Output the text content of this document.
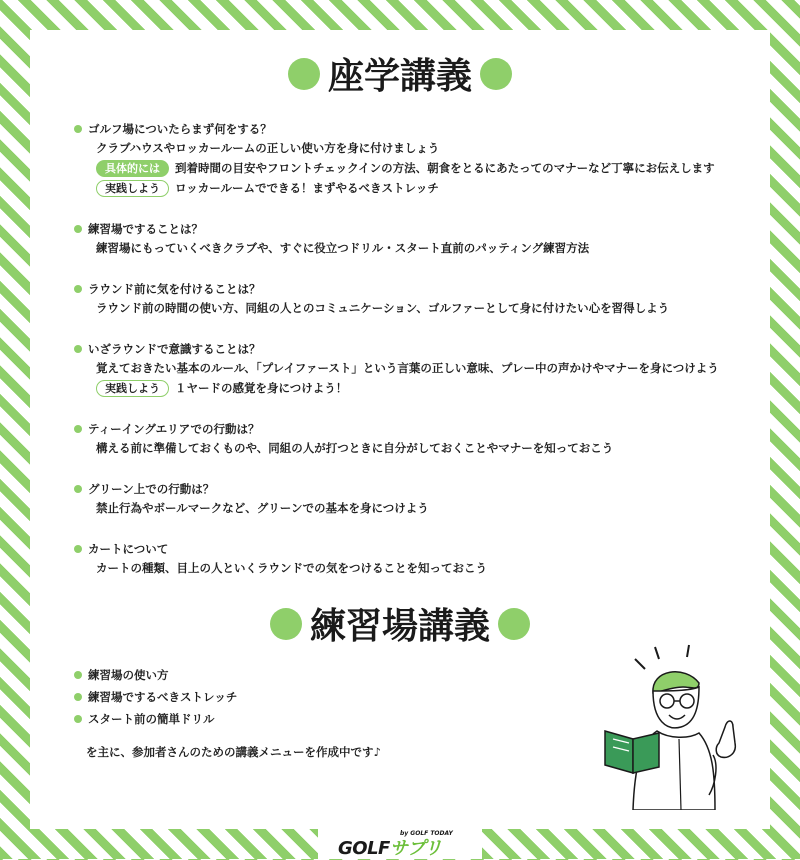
座学講義
ゴルフ場についたらまず何をする？
クラブハウスやロッカールームの正しい使い方を身に付けましょう
具体的には 到着時間の目安やフロントチェックインの方法、朝食をとるにあたってのマナーなど丁寧にお伝えします
実践しよう ロッカールームでできる！まずやるべきストレッチ
練習場ですることは？
練習場にもっていくべきクラブや、すぐに役立つドリル・スタート直前のパッティング練習方法
ラウンド前に気を付けることは？
ラウンド前の時間の使い方、同組の人とのコミュニケーション、ゴルファーとして身に付けたい心を習得しよう
いざラウンドで意識することは？
覚えておきたい基本のルール、「プレイファースト」という言葉の正しい意味、プレー中の声かけやマナーを身につけよう
実践しよう １ヤードの感覚を身につけよう！
ティーイングエリアでの行動は？
構える前に準備しておくものや、同組の人が打つときに自分がしておくことやマナーを知っておこう
グリーン上での行動は？
禁止行為やボールマークなど、グリーンでの基本を身につけよう
カートについて
カートの種類、目上の人といくラウンドでの気をつけることを知っておこう
練習場講義
練習場の使い方
練習場でするべきストレッチ
スタート前の簡単ドリル
を主に、参加者さんのための講義メニューを作成中です♪
by GOLF TODAY
GOLFサプリ
